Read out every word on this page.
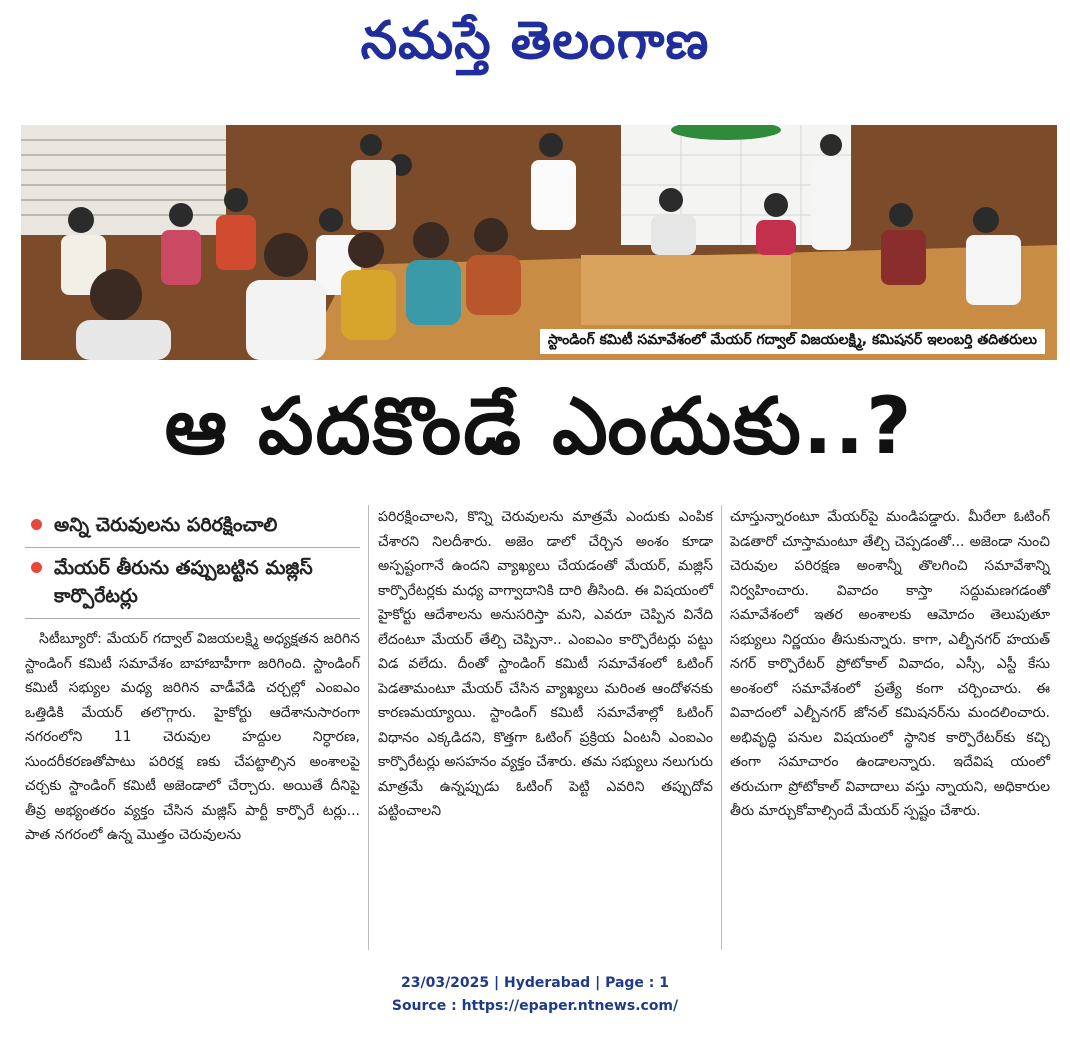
నమస్తే తెలంగాణ
స్టాండింగ్ కమిటీ సమావేశంలో మేయర్ గద్వాల్ విజయలక్ష్మి, కమిషనర్ ఇలంబర్తి తదితరులు
ఆ పదకొండే ఎందుకు..?
అన్ని చెరువులను పరిరక్షించాలి
మేయర్ తీరును తప్పుబట్టిన మజ్లిస్ కార్పొరేటర్లు

సిటీబ్యూరో: మేయర్ గద్వాల్ విజయలక్ష్మి అధ్యక్షతన జరిగిన స్టాండింగ్ కమిటీ సమావేశం బాహాబాహీగా జరిగింది. స్టాండింగ్ కమిటీ సభ్యుల మధ్య జరిగిన వాడీవేడి చర్చల్లో ఎంఐఎం ఒత్తిడికి మేయర్ తలొగ్గారు. హైకోర్టు ఆదేశానుసారంగా నగరంలోని 11 చెరువుల హద్దుల నిర్ధారణ, సుందరీకరణతోపాటు పరిరక్ష ణకు చేపట్టాల్సిన అంశాలపై చర్చకు స్టాండింగ్ కమిటీ అజెండాలో చేర్చారు. అయితే దీనిపై తీవ్ర అభ్యంతరం వ్యక్తం చేసిన మజ్లిస్ పార్టీ కార్పొరే టర్లు... పాత నగరంలో ఉన్న మొత్తం చెరువులను

పరిరక్షించాలని, కొన్ని చెరువులను మాత్రమే ఎందుకు ఎంపిక చేశారని నిలదీశారు. అజెం డాలో చేర్చిన అంశం కూడా అస్పష్టంగానే ఉందని వ్యాఖ్యలు చేయడంతో మేయర్, మజ్లిస్ కార్పొరేటర్లకు మధ్య వాగ్వాదానికి దారి తీసింది. ఈ విషయంలో హైకోర్టు ఆదేశాలను అనుసరిస్తా మని, ఎవరూ చెప్పిన వినేది లేదంటూ మేయర్ తేల్చి చెప్పినా.. ఎంఐఎం కార్పొరేటర్లు పట్టు విడ వలేదు. దీంతో స్టాండింగ్ కమిటీ సమావేశంలో ఓటింగ్ పెడతామంటూ మేయర్ చేసిన వ్యాఖ్యలు మరింత ఆందోళనకు కారణమయ్యాయి. స్టాండింగ్ కమిటీ సమావేశాల్లో ఓటింగ్ విధానం ఎక్కడిదని, కొత్తగా ఓటింగ్ ప్రక్రియ ఏంటనీ ఎంఐఎం కార్పొరేటర్లు అసహనం వ్యక్తం చేశారు. తమ సభ్యులు నలుగురు మాత్రమే ఉన్నప్పుడు ఓటింగ్ పెట్టి ఎవరిని తప్పుదోవ పట్టించాలని

చూస్తున్నారంటూ మేయర్‌పై మండిపడ్డారు. మీరేలా ఓటింగ్ పెడతారో చూస్తామంటూ తేల్చి చెప్పడంతో... అజెండా నుంచి చెరువుల పరిరక్షణ అంశాన్నీ తొలగించి సమావేశాన్ని నిర్వహించారు. వివాదం కాస్తా సద్దుమణగడంతో సమావేశంలో ఇతర అంశాలకు ఆమోదం తెలుపుతూ సభ్యులు నిర్ణయం తీసుకున్నారు. కాగా, ఎల్బీనగర్ హయత్ నగర్ కార్పొరేటర్ ప్రోటోకాల్ వివాదం, ఎస్సీ, ఎస్టీ కేసు అంశంలో సమావేశంలో ప్రత్యే కంగా చర్చించారు. ఈ వివాదంలో ఎల్బీనగర్ జోనల్ కమిషనర్‌ను మందలించారు. అభివృద్ధి పనుల విషయంలో స్థానిక కార్పొరేటర్‌కు కచ్చి తంగా సమాచారం ఉండాలన్నారు. ఇదేవిష యంలో తరుచుగా ప్రోటోకాల్ వివాదాలు వస్తు న్నాయని, అధికారుల తీరు మార్చుకోవాల్సిందే మేయర్ స్పష్టం చేశారు.

23/03/2025 | Hyderabad | Page : 1
Source : https://epaper.ntnews.com/
